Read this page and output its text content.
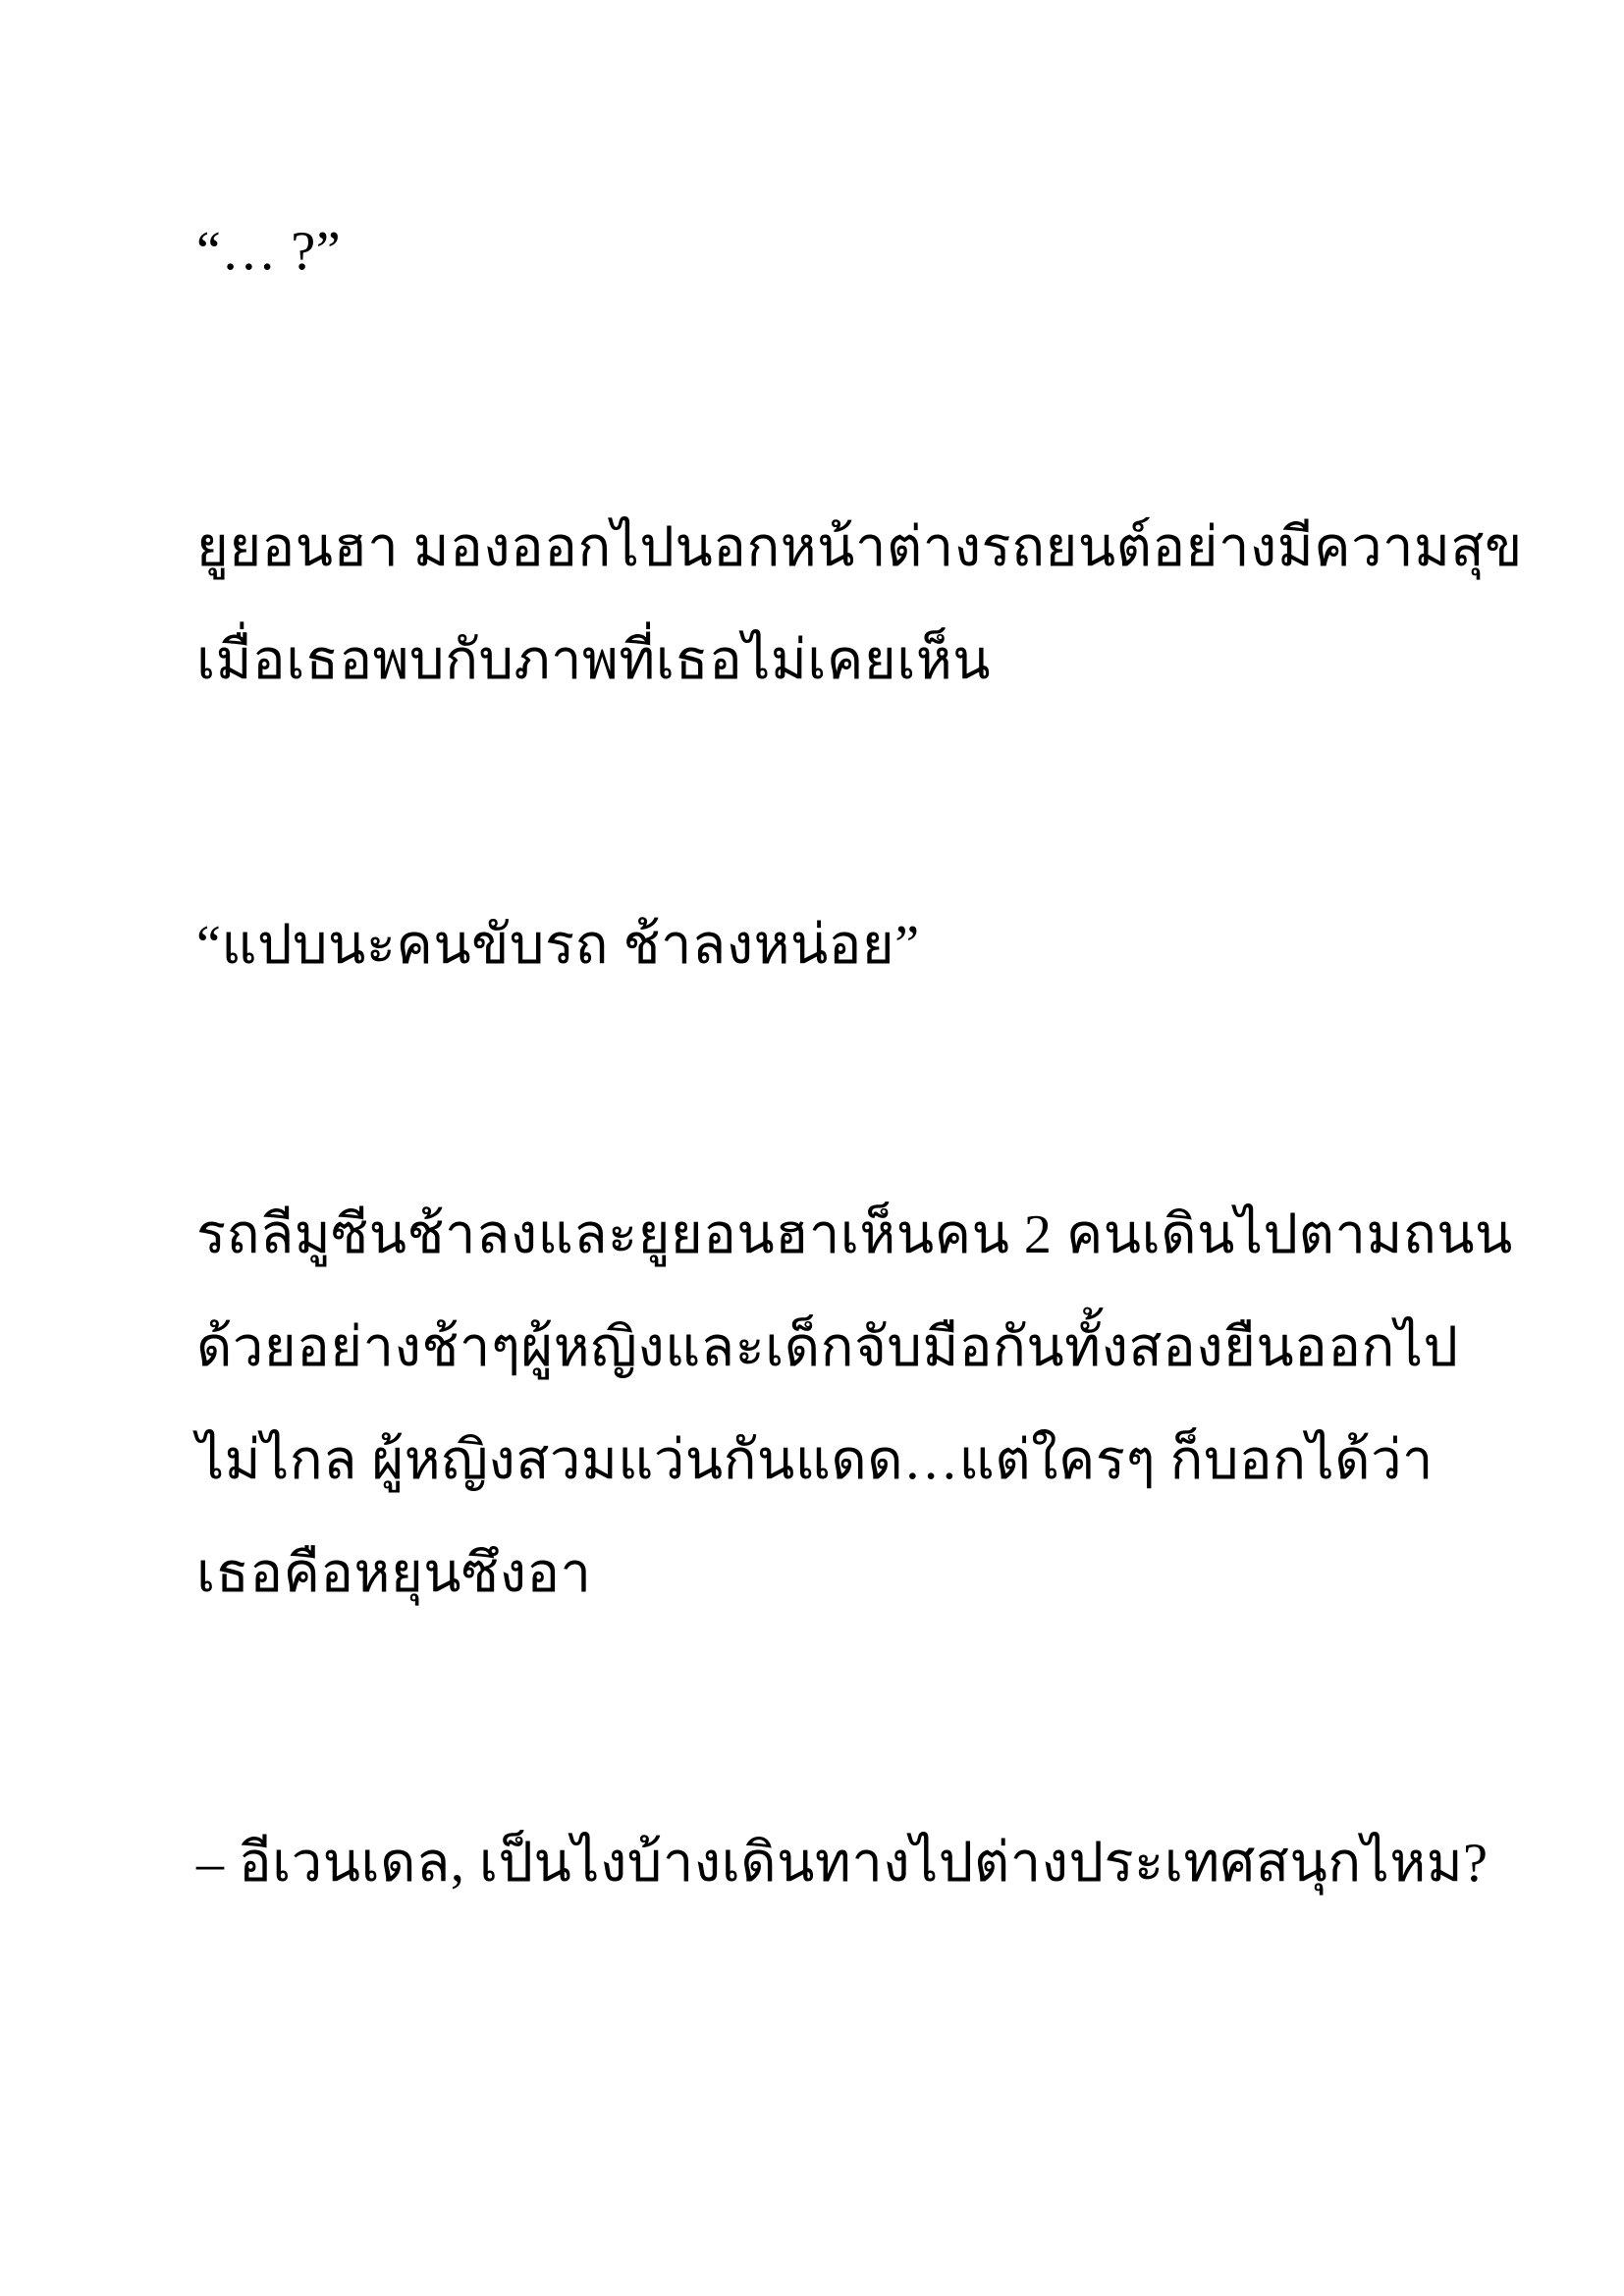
“… ?”
ยูยอนฮา มองออกไปนอกหน้าต่างรถยนต์อย่างมีความสุข
เมื่อเธอพบกับภาพที่เธอไม่เคยเห็น
“แปบนะคนขับรถ ช้าลงหน่อย”
รถลีมูซีนช้าลงและยูยอนฮาเห็นคน 2 คนเดินไปตามถนน
ด้วยอย่างช้าๆผู้หญิงและเด็กจับมือกันทั้งสองยืนออกไป
ไม่ไกล ผู้หญิงสวมแว่นกันแดด…แต่ใครๆ ก็บอกได้ว่า
เธอคือหยุนซึงอา
– อีเวนเดล, เป็นไงบ้างเดินทางไปต่างประเทศสนุกไหม?
